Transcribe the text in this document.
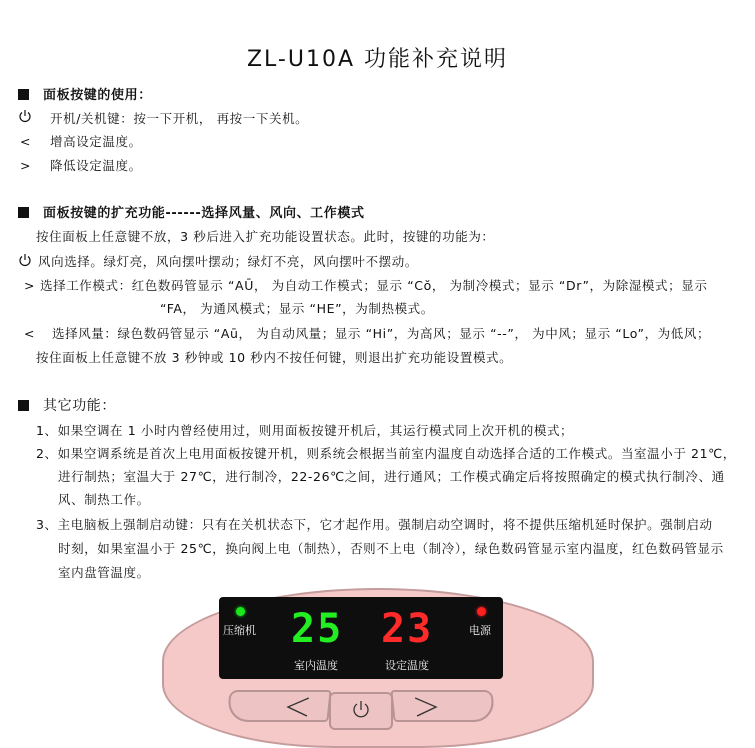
ZL-U10A 功能补充说明
面板按键的使用：
开机/关机键：按一下开机， 再按一下关机。
< 增高设定温度。
> 降低设定温度。
面板按键的扩充功能------选择风量、风向、工作模式
按住面板上任意键不放，3 秒后进入扩充功能设置状态。此时，按键的功能为：
风向选择。绿灯亮，风向摆叶摆动；绿灯不亮，风向摆叶不摆动。
> 选择工作模式：红色数码管显示 “AŪ， 为自动工作模式；显示 “Cŏ， 为制冷模式；显示 “Dr”，为除湿模式；显示
“FA， 为通风模式；显示 “HE”，为制热模式。
< 选择风量：绿色数码管显示 “Aū， 为自动风量；显示 “Hi”，为高风；显示 “--”， 为中风；显示 “Lo”，为低风；
按住面板上任意键不放 3 秒钟或 10 秒内不按任何键，则退出扩充功能设置模式。
其它功能：
1、如果空调在 1 小时内曾经使用过，则用面板按键开机后，其运行模式同上次开机的模式；
2、如果空调系统是首次上电用面板按键开机，则系统会根据当前室内温度自动选择合适的工作模式。当室温小于 21℃，
进行制热；室温大于 27℃，进行制冷，22-26℃之间，进行通风；工作模式确定后将按照确定的模式执行制冷、通
风、制热工作。
3、主电脑板上强制启动键：只有在关机状态下，它才起作用。强制启动空调时，将不提供压缩机延时保护。强制启动
时刻，如果室温小于 25℃，换向阀上电（制热），否则不上电（制冷），绿色数码管显示室内温度，红色数码管显示
室内盘管温度。
压缩机	电源
25 23
室内温度	设定温度
